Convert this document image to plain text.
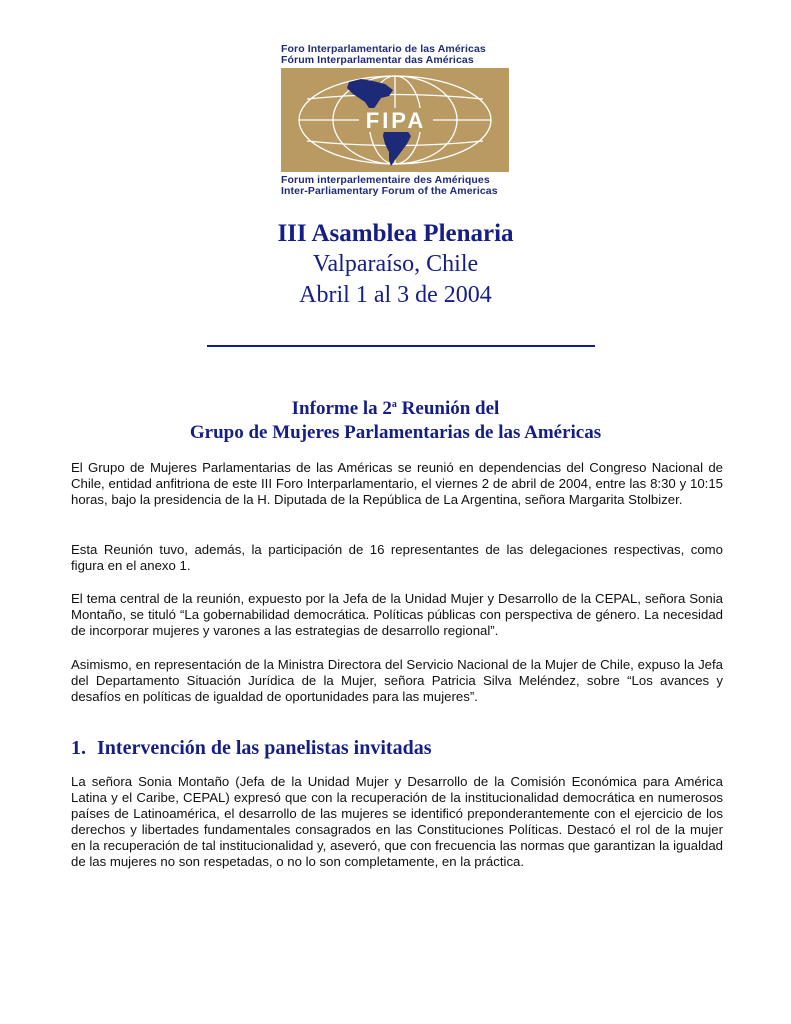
Foro Interparlamentario de las Américas
Fórum Interparlamentar das Américas
FIPA
Forum interparlementaire des Amériques
Inter-Parliamentary Forum of the Americas
III Asamblea Plenaria
Valparaíso, Chile
Abril 1 al 3 de 2004
Informe la 2$^a$ Reunión del
Grupo de Mujeres Parlamentarias de las Américas

El Grupo de Mujeres Parlamentarias de las Américas se reunió en dependencias del Congreso Nacional de Chile, entidad anfitriona de este III Foro Interparlamentario, el viernes 2 de abril de 2004, entre las 8:30 y 10:15 horas, bajo la presidencia de la H. Diputada de la República de La Argentina, señora Margarita Stolbizer.

Esta Reunión tuvo, además, la participación de 16 representantes de las delegaciones respectivas, como figura en el anexo 1.

El tema central de la reunión, expuesto por la Jefa de la Unidad Mujer y Desarrollo de la CEPAL, señora Sonia Montaño, se tituló “La gobernabilidad democrática. Políticas públicas con perspectiva de género. La necesidad de incorporar mujeres y varones a las estrategias de desarrollo regional”.

Asimismo, en representación de la Ministra Directora del Servicio Nacional de la Mujer de Chile, expuso la Jefa del Departamento Situación Jurídica de la Mujer, señora Patricia Silva Meléndez, sobre “Los avances y desafíos en políticas de igualdad de oportunidades para las mujeres”.

1. Intervención de las panelistas invitadas

La señora Sonia Montaño (Jefa de la Unidad Mujer y Desarrollo de la Comisión Económica para América Latina y el Caribe, CEPAL) expresó que con la recuperación de la institucionalidad democrática en numerosos países de Latinoamérica, el desarrollo de las mujeres se identificó preponderantemente con el ejercicio de los derechos y libertades fundamentales consagrados en las Constituciones Políticas. Destacó el rol de la mujer en la recuperación de tal institucionalidad y, aseveró, que con frecuencia las normas que garantizan la igualdad de las mujeres no son respetadas, o no lo son completamente, en la práctica.
